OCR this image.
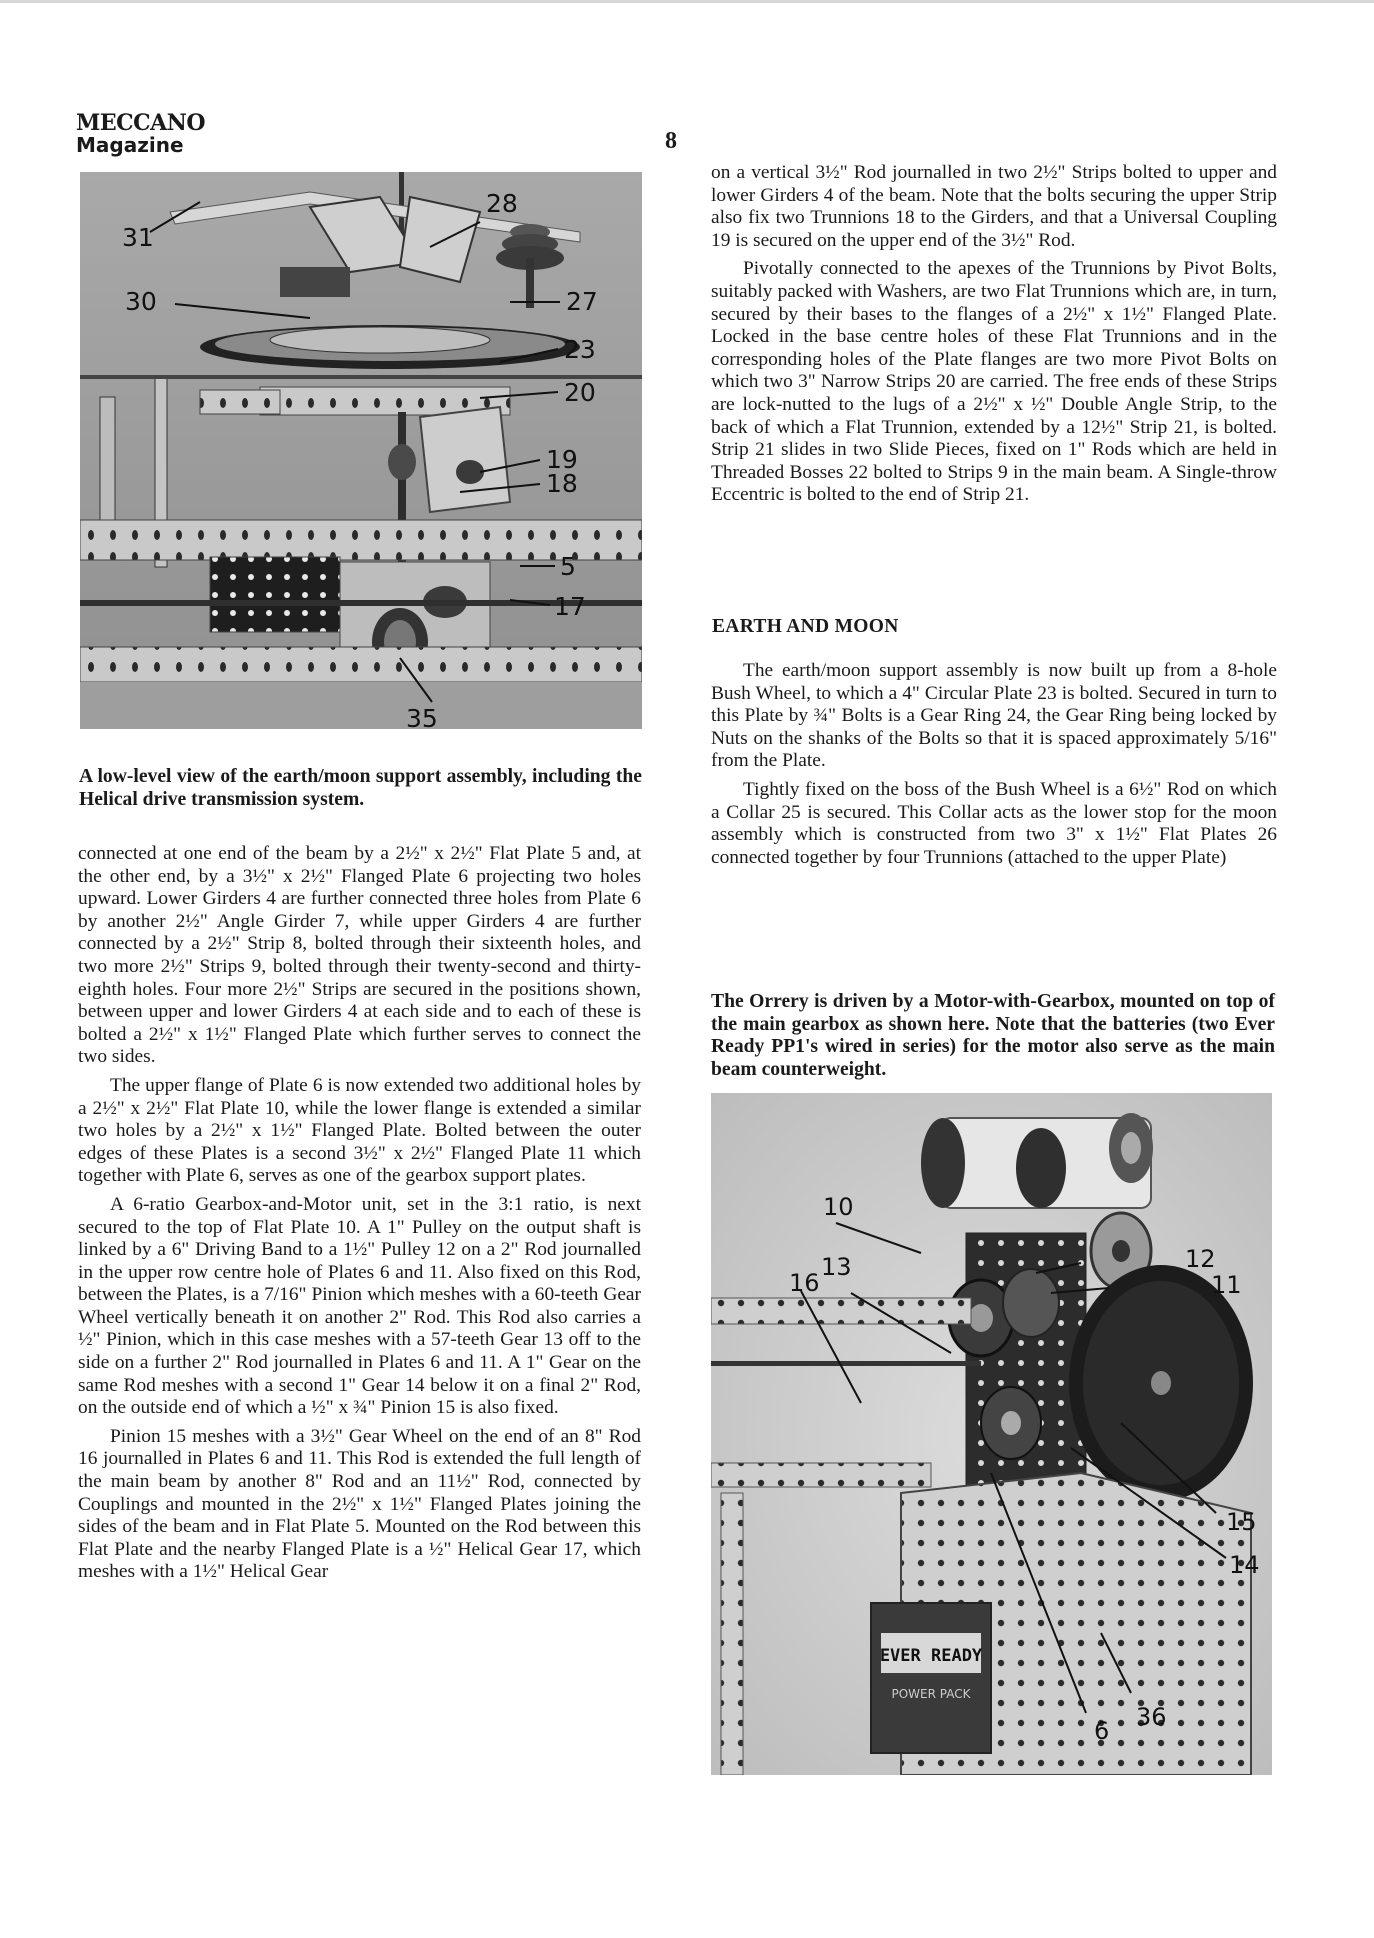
MECCANO
Magazine	8
31
28
30	27
23
20
19
18
5
17
35
A low-level view of the earth/moon support assembly, including the Helical drive transmission system.

connected at one end of the beam by a 2½" x 2½" Flat Plate 5 and, at the other end, by a 3½" x 2½" Flanged Plate 6 projecting two holes upward. Lower Girders 4 are further connected three holes from Plate 6 by another 2½" Angle Girder 7, while upper Girders 4 are further connected by a 2½" Strip 8, bolted through their sixteenth holes, and two more 2½" Strips 9, bolted through their twenty-second and thirty-eighth holes. Four more 2½" Strips are secured in the positions shown, between upper and lower Girders 4 at each side and to each of these is bolted a 2½" x 1½" Flanged Plate which further serves to connect the two sides.

The upper flange of Plate 6 is now extended two additional holes by a 2½" x 2½" Flat Plate 10, while the lower flange is extended a similar two holes by a 2½" x 1½" Flanged Plate. Bolted between the outer edges of these Plates is a second 3½" x 2½" Flanged Plate 11 which together with Plate 6, serves as one of the gearbox support plates.

A 6-ratio Gearbox-and-Motor unit, set in the 3:1 ratio, is next secured to the top of Flat Plate 10. A 1" Pulley on the output shaft is linked by a 6" Driving Band to a 1½" Pulley 12 on a 2" Rod journalled in the upper row centre hole of Plates 6 and 11. Also fixed on this Rod, between the Plates, is a 7/16" Pinion which meshes with a 60-teeth Gear Wheel vertically beneath it on another 2" Rod. This Rod also carries a ½" Pinion, which in this case meshes with a 57-teeth Gear 13 off to the side on a further 2" Rod journalled in Plates 6 and 11. A 1" Gear on the same Rod meshes with a second 1" Gear 14 below it on a final 2" Rod, on the outside end of which a ½" x ¾" Pinion 15 is also fixed.

Pinion 15 meshes with a 3½" Gear Wheel on the end of an 8" Rod 16 journalled in Plates 6 and 11. This Rod is extended the full length of the main beam by another 8" Rod and an 11½" Rod, connected by Couplings and mounted in the 2½" x 1½" Flanged Plates joining the sides of the beam and in Flat Plate 5. Mounted on the Rod between this Flat Plate and the nearby Flanged Plate is a ½" Helical Gear 17, which meshes with a 1½" Helical Gear

on a vertical 3½" Rod journalled in two 2½" Strips bolted to upper and lower Girders 4 of the beam. Note that the bolts securing the upper Strip also fix two Trunnions 18 to the Girders, and that a Universal Coupling 19 is secured on the upper end of the 3½" Rod.

Pivotally connected to the apexes of the Trunnions by Pivot Bolts, suitably packed with Washers, are two Flat Trunnions which are, in turn, secured by their bases to the flanges of a 2½" x 1½" Flanged Plate. Locked in the base centre holes of these Flat Trunnions and in the corresponding holes of the Plate flanges are two more Pivot Bolts on which two 3" Narrow Strips 20 are carried. The free ends of these Strips are lock-nutted to the lugs of a 2½" x ½" Double Angle Strip, to the back of which a Flat Trunnion, extended by a 12½" Strip 21, is bolted. Strip 21 slides in two Slide Pieces, fixed on 1" Rods which are held in Threaded Bosses 22 bolted to Strips 9 in the main beam. A Single-throw Eccentric is bolted to the end of Strip 21.

EARTH AND MOON

The earth/moon support assembly is now built up from a 8-hole Bush Wheel, to which a 4" Circular Plate 23 is bolted. Secured in turn to this Plate by ¾" Bolts is a Gear Ring 24, the Gear Ring being locked by Nuts on the shanks of the Bolts so that it is spaced approximately 5/16" from the Plate.

Tightly fixed on the boss of the Bush Wheel is a 6½" Rod on which a Collar 25 is secured. This Collar acts as the lower stop for the moon assembly which is constructed from two 3" x 1½" Flat Plates 26 connected together by four Trunnions (attached to the upper Plate)

The Orrery is driven by a Motor-with-Gearbox, mounted on top of the main gearbox as shown here. Note that the batteries (two Ever Ready PP1's wired in series) for the motor also serve as the main beam counterweight.
EVER READY
POWER PACK
10
16
13	12
11
15
14
6 36
